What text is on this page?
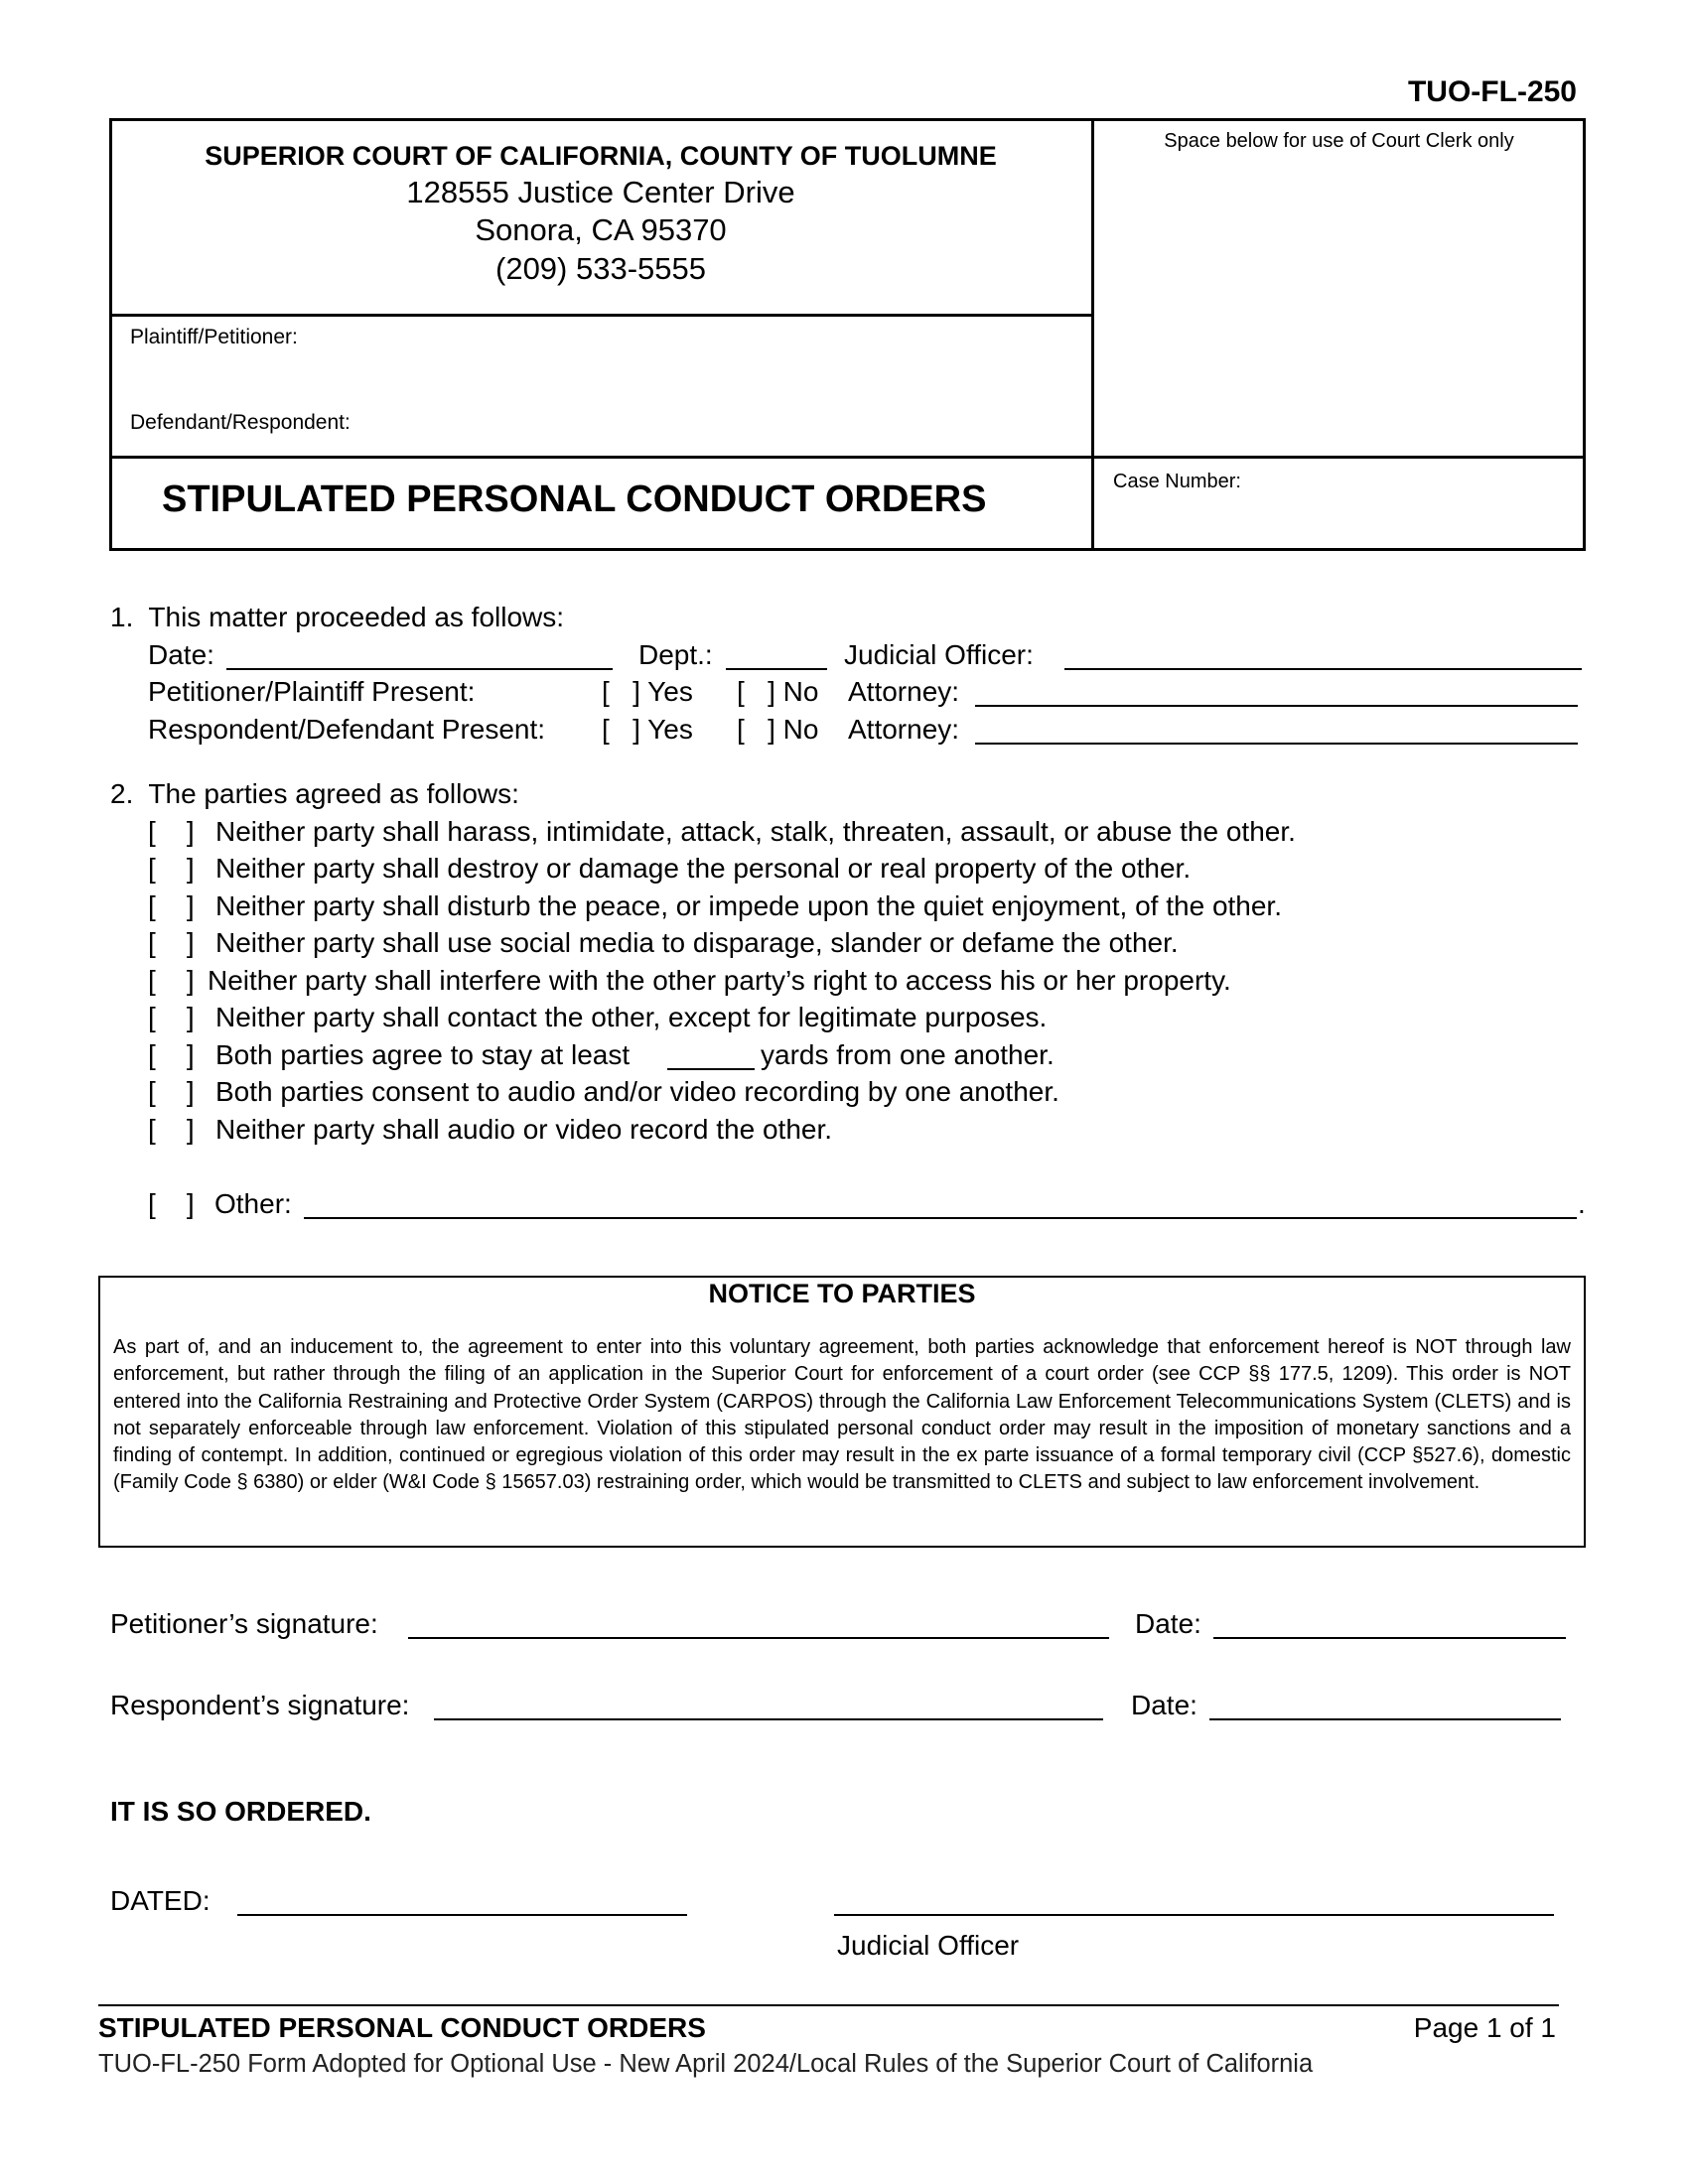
TUO-FL-250
SUPERIOR COURT OF CALIFORNIA, COUNTY OF TUOLUMNE
128555 Justice Center Drive
Sonora, CA 95370
(209) 533-5555
Space below for use of Court Clerk only
Plaintiff/Petitioner:
Defendant/Respondent:
STIPULATED PERSONAL CONDUCT ORDERS	Case Number:
1.  This matter proceeded as follows:
Date:	Dept.:	Judicial Officer:
Petitioner/Plaintiff Present:	[   ] Yes [   ] No Attorney:
Respondent/Defendant Present: [   ] Yes [   ] No Attorney:
2.  The parties agreed as follows:
[    ] Neither party shall harass, intimidate, attack, stalk, threaten, assault, or abuse the other.
[    ] Neither party shall destroy or damage the personal or real property of the other.
[    ] Neither party shall disturb the peace, or impede upon the quiet enjoyment, of the other.
[    ] Neither party shall use social media to disparage, slander or defame the other.
[    ] Neither party shall interfere with the other party’s right to access his or her property.
[    ] Neither party shall contact the other, except for legitimate purposes.
[    ] Both parties agree to stay at least	yards from one another.
[    ] Both parties consent to audio and/or video recording by one another.
[    ] Neither party shall audio or video record the other.
[    ] Other:	.
NOTICE TO PARTIES
As part of, and an inducement to, the agreement to enter into this voluntary agreement, both parties acknowledge that enforcement hereof is NOT through law enforcement, but rather through the filing of an application in the Superior Court for enforcement of a court order (see CCP §§ 177.5, 1209). This order is NOT entered into the California Restraining and Protective Order System (CARPOS) through the California Law Enforcement Telecommunications System (CLETS) and is not separately enforceable through law enforcement. Violation of this stipulated personal conduct order may result in the imposition of monetary sanctions and a finding of contempt. In addition, continued or egregious violation of this order may result in the ex parte issuance of a formal temporary civil (CCP §527.6), domestic (Family Code § 6380) or elder (W&I Code § 15657.03) restraining order, which would be transmitted to CLETS and subject to law enforcement involvement.
Petitioner’s signature:	Date:
Respondent’s signature:	Date:
IT IS SO ORDERED.
DATED:
Judicial Officer
STIPULATED PERSONAL CONDUCT ORDERS	Page 1 of 1
TUO-FL-250 Form Adopted for Optional Use - New April 2024/Local Rules of the Superior Court of California
